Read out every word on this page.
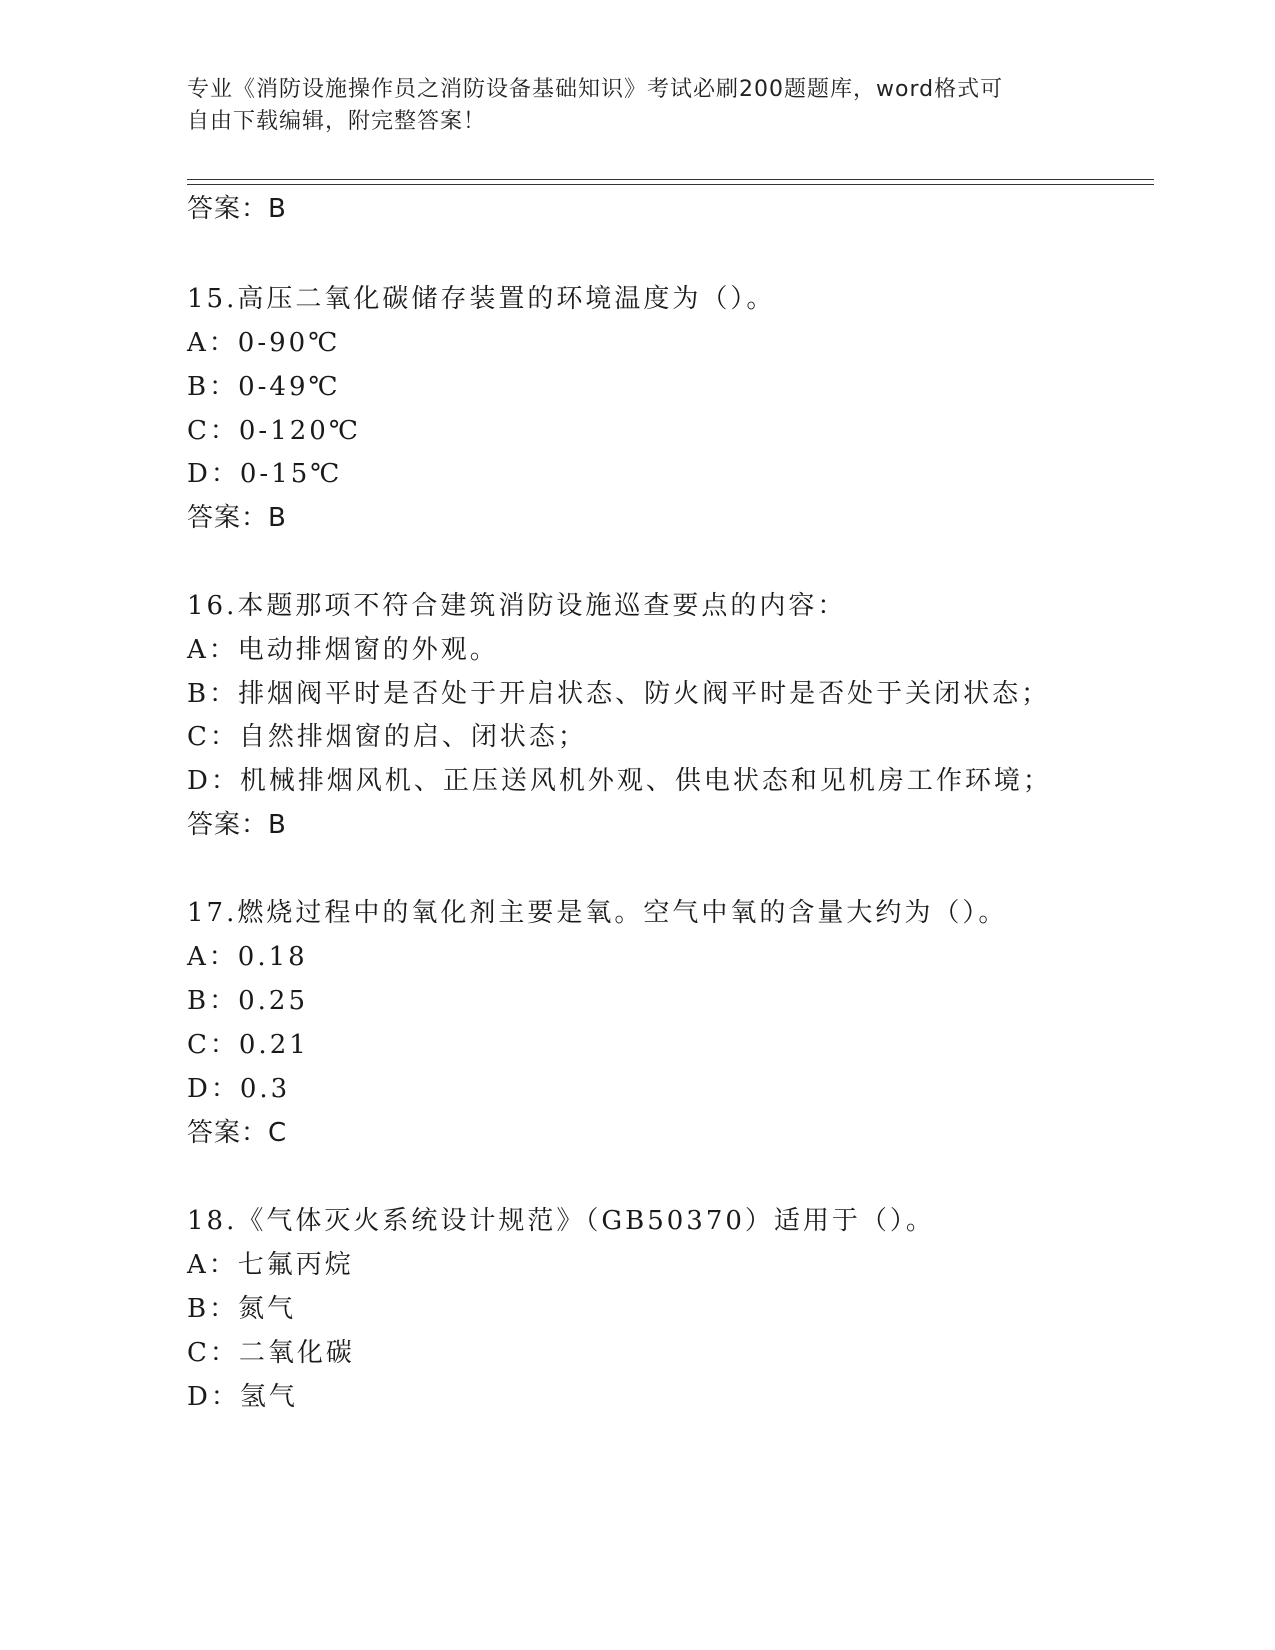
专业《消防设施操作员之消防设备基础知识》考试必刷200题题库，word格式可
自由下载编辑，附完整答案！
答案：B
15.高压二氧化碳储存装置的环境温度为（）。
A：0-90℃
B：0-49℃
C：0-120℃
D：0-15℃
答案：B
16.本题那项不符合建筑消防设施巡查要点的内容：
A：电动排烟窗的外观。
B：排烟阀平时是否处于开启状态、防火阀平时是否处于关闭状态；
C：自然排烟窗的启、闭状态；
D：机械排烟风机、正压送风机外观、供电状态和见机房工作环境；
答案：B
17.燃烧过程中的氧化剂主要是氧。空气中氧的含量大约为（）。
A：0.18
B：0.25
C：0.21
D：0.3
答案：C
18.《气体灭火系统设计规范》（GB50370）适用于（）。
A：七氟丙烷
B：氮气
C：二氧化碳
D：氢气
